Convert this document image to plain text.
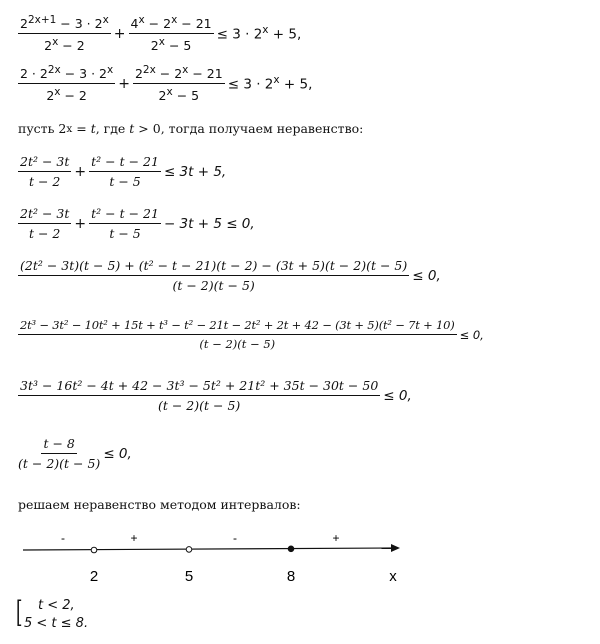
$\frac{2^{2x+1} - 3 \cdot 2^x}{2^x - 2} + \frac{4^x - 2^x - 21}{2^x - 5} \le 3 \cdot 2^x + 5$,
$\frac{2 \cdot 2^{2x} - 3 \cdot 2^x}{2^x - 2} + \frac{2^{2x} - 2^x - 21}{2^x - 5} \le 3 \cdot 2^x + 5$,
пусть 2 x = t , где t > 0, тогда получаем неравенство:
$\frac{\text{2t² − 3t}}{t - 2} + \frac{\text{t² − t − 21}}{t - 5} \le 3t + 5$,
$\frac{\text{2t² − 3t}}{t - 2} + \frac{\text{t² − t − 21}}{t - 5} - 3t + 5 \le 0$,
(2t² − 3t)(t − 5) + (t² − t − 21)(t − 2) − (3t + 5)(t − 2)(t − 5)
(t − 2)(t − 5)
≤ 0,
2t³ − 3t² − 10t² + 15t + t³ − t² − 21t − 2t² + 2t + 42 − (3t + 5)(t² − 7t + 10)
(t − 2)(t − 5)
≤ 0,
$\frac{\text{3t³ − 16t² − 4t + 42 − 3t³ − 5t² + 21t² + 35t − 30t − 50}}{(t - 2)(t - 5)} \le 0$,
$\frac{t - 8}{(t - 2)(t - 5)} \le 0$,
решаем неравенство методом интервалов:
2	5	8
-	+	-	+
x
[ t < 2,
5 < t ≤ 8.
